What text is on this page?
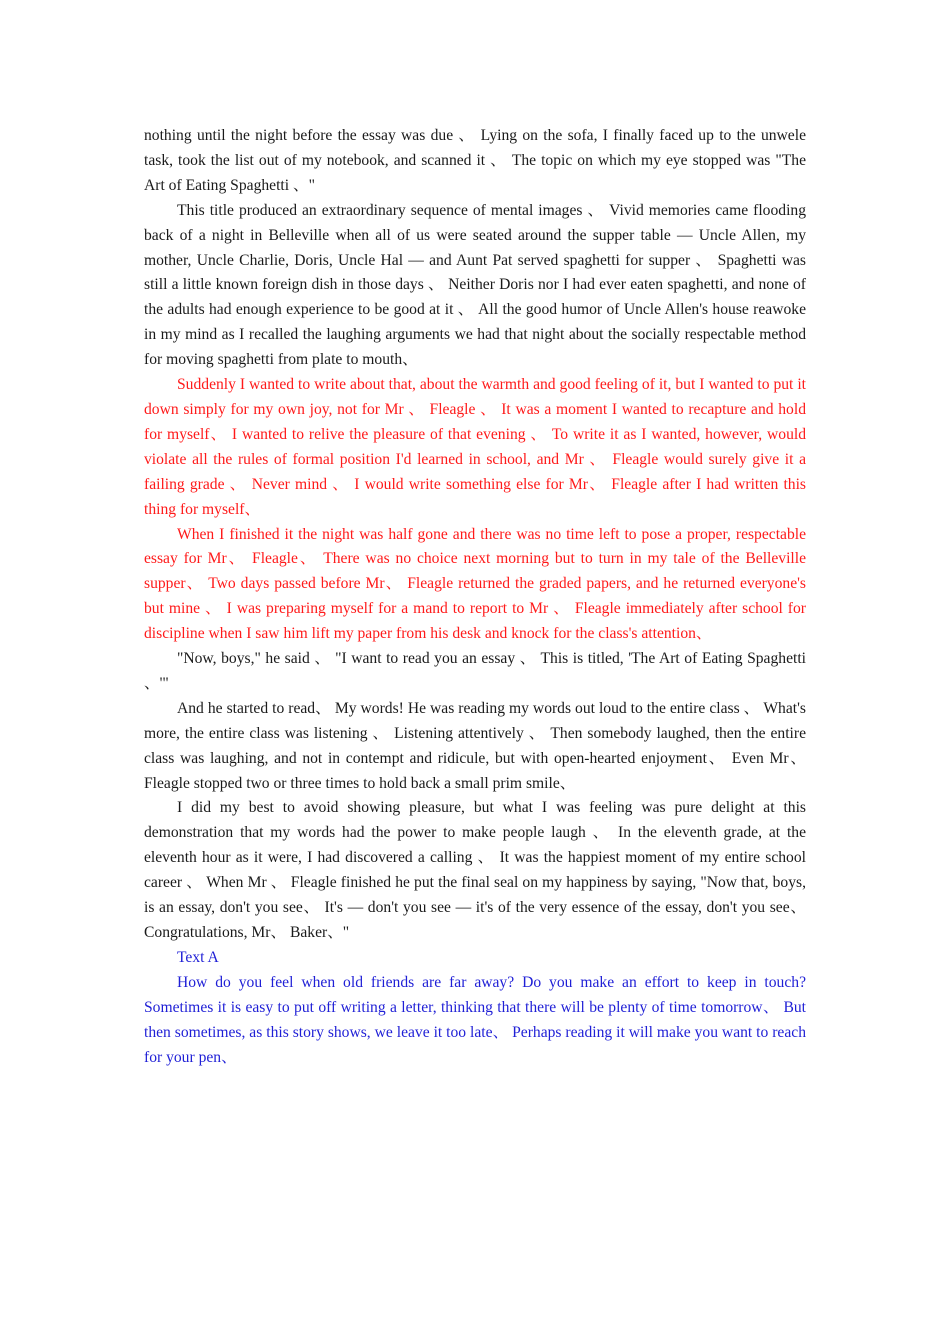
nothing until the night before the essay was due 、 Lying on the sofa, I finally faced up to the unwele task, took the list out of my notebook, and scanned it 、 The topic on which my eye stopped was "The Art of Eating Spaghetti 、"

This title produced an extraordinary sequence of mental images 、 Vivid memories came flooding back of a night in Belleville when all of us were seated around the supper table — Uncle Allen, my mother, Uncle Charlie, Doris, Uncle Hal — and Aunt Pat served spaghetti for supper 、 Spaghetti was still a little known foreign dish in those days 、 Neither Doris nor I had ever eaten spaghetti, and none of the adults had enough experience to be good at it 、 All the good humor of Uncle Allen's house reawoke in my mind as I recalled the laughing arguments we had that night about the socially respectable method for moving spaghetti from plate to mouth、

Suddenly I wanted to write about that, about the warmth and good feeling of it, but I wanted to put it down simply for my own joy, not for Mr 、 Fleagle 、 It was a moment I wanted to recapture and hold for myself、 I wanted to relive the pleasure of that evening 、 To write it as I wanted, however, would violate all the rules of formal position I'd learned in school, and Mr 、 Fleagle would surely give it a failing grade 、 Never mind 、 I would write something else for Mr、 Fleagle after I had written this thing for myself、

When I finished it the night was half gone and there was no time left to pose a proper, respectable essay for Mr、 Fleagle、 There was no choice next morning but to turn in my tale of the Belleville supper、 Two days passed before Mr、 Fleagle returned the graded papers, and he returned everyone's but mine 、 I was preparing myself for a mand to report to Mr 、 Fleagle immediately after school for discipline when I saw him lift my paper from his desk and knock for the class's attention、

"Now, boys," he said 、 "I want to read you an essay 、 This is titled, 'The Art of Eating Spaghetti 、'"

And he started to read、 My words! He was reading my words out loud to the entire class 、 What's more, the entire class was listening 、 Listening attentively 、 Then somebody laughed, then the entire class was laughing, and not in contempt and ridicule, but with open-hearted enjoyment、 Even Mr、 Fleagle stopped two or three times to hold back a small prim smile、

I did my best to avoid showing pleasure, but what I was feeling was pure delight at this demonstration that my words had the power to make people laugh 、 In the eleventh grade, at the eleventh hour as it were, I had discovered a calling 、 It was the happiest moment of my entire school career 、 When Mr 、 Fleagle finished he put the final seal on my happiness by saying, "Now that, boys, is an essay, don't you see、 It's — don't you see — it's of the very essence of the essay, don't you see、 Congratulations, Mr、 Baker、"

Text A

How do you feel when old friends are far away? Do you make an effort to keep in touch? Sometimes it is easy to put off writing a letter, thinking that there will be plenty of time tomorrow、 But then sometimes, as this story shows, we leave it too late、 Perhaps reading it will make you want to reach for your pen、
